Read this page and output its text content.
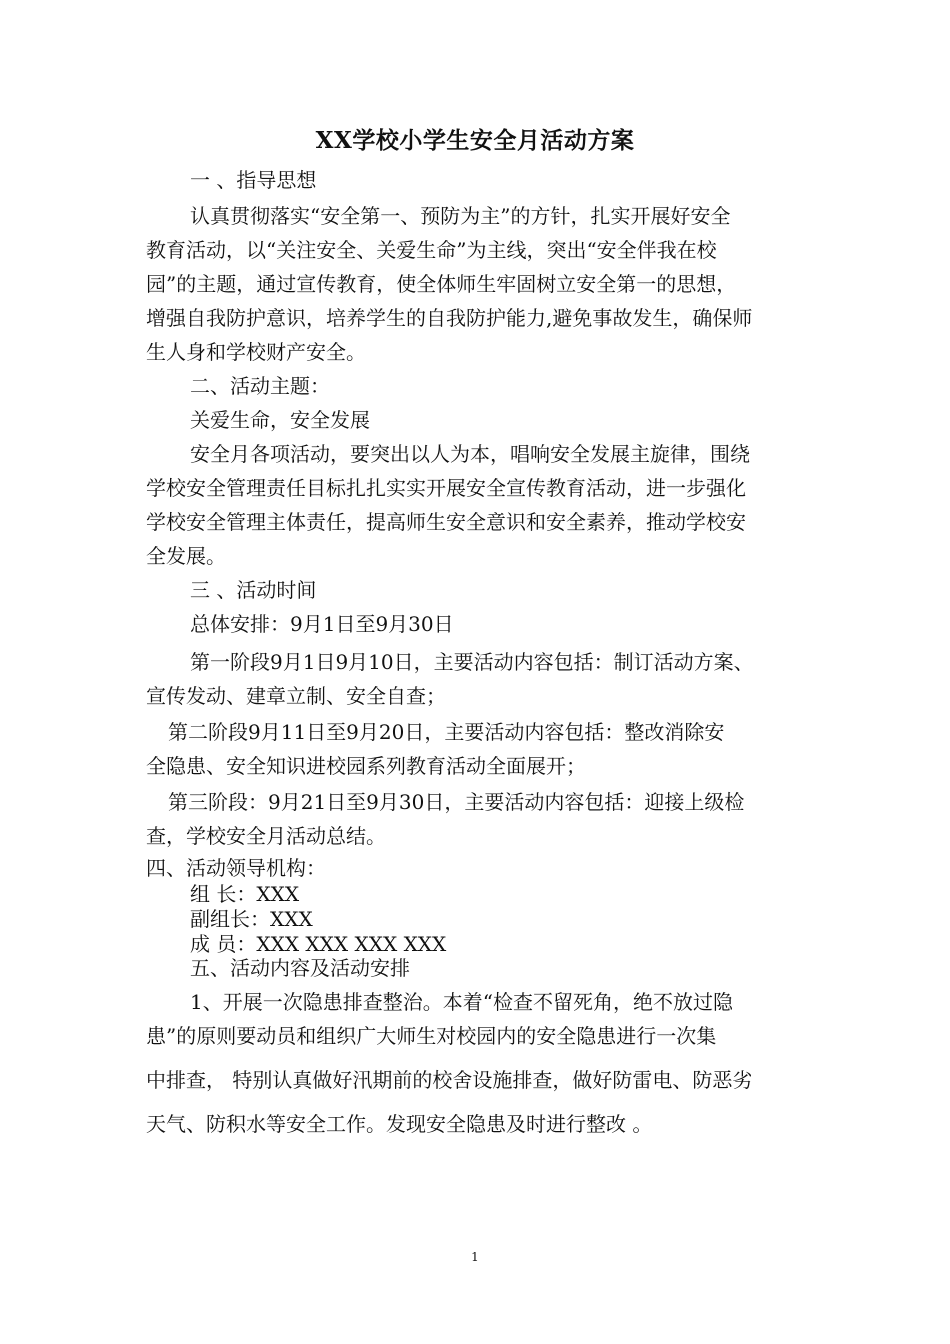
XX学校小学生安全月活动方案
一 、指导思想
认真贯彻落实“安全第一、预防为主”的方针，扎实开展好安全
教育活动，以“关注安全、关爱生命”为主线，突出“安全伴我在校
园”的主题，通过宣传教育，使全体师生牢固树立安全第一的思想，
增强自我防护意识，培养学生的自我防护能力,避免事故发生，确保师
生人身和学校财产安全。
二、活动主题：
关爱生命，安全发展
安全月各项活动，要突出以人为本，唱响安全发展主旋律，围绕
学校安全管理责任目标扎扎实实开展安全宣传教育活动，进一步强化
学校安全管理主体责任，提高师生安全意识和安全素养，推动学校安
全发展。
三 、活动时间
总体安排：9月1日至9月30日
第一阶段9月1日9月10日，主要活动内容包括：制订活动方案、
宣传发动、建章立制、安全自查；
第二阶段9月11日至9月20日，主要活动内容包括：整改消除安
全隐患、安全知识进校园系列教育活动全面展开；
第三阶段：9月21日至9月30日，主要活动内容包括：迎接上级检
查，学校安全月活动总结。
四、活动领导机构：
组 长：XXX
副组长：XXX
成 员：XXX XXX XXX XXX
五、活动内容及活动安排
1、开展一次隐患排查整治。本着“检查不留死角，绝不放过隐
患”的原则要动员和组织广大师生对校园内的安全隐患进行一次集
中排查， 特别认真做好汛期前的校舍设施排查，做好防雷电、防恶劣
天气、防积水等安全工作。发现安全隐患及时进行整改 。
1
